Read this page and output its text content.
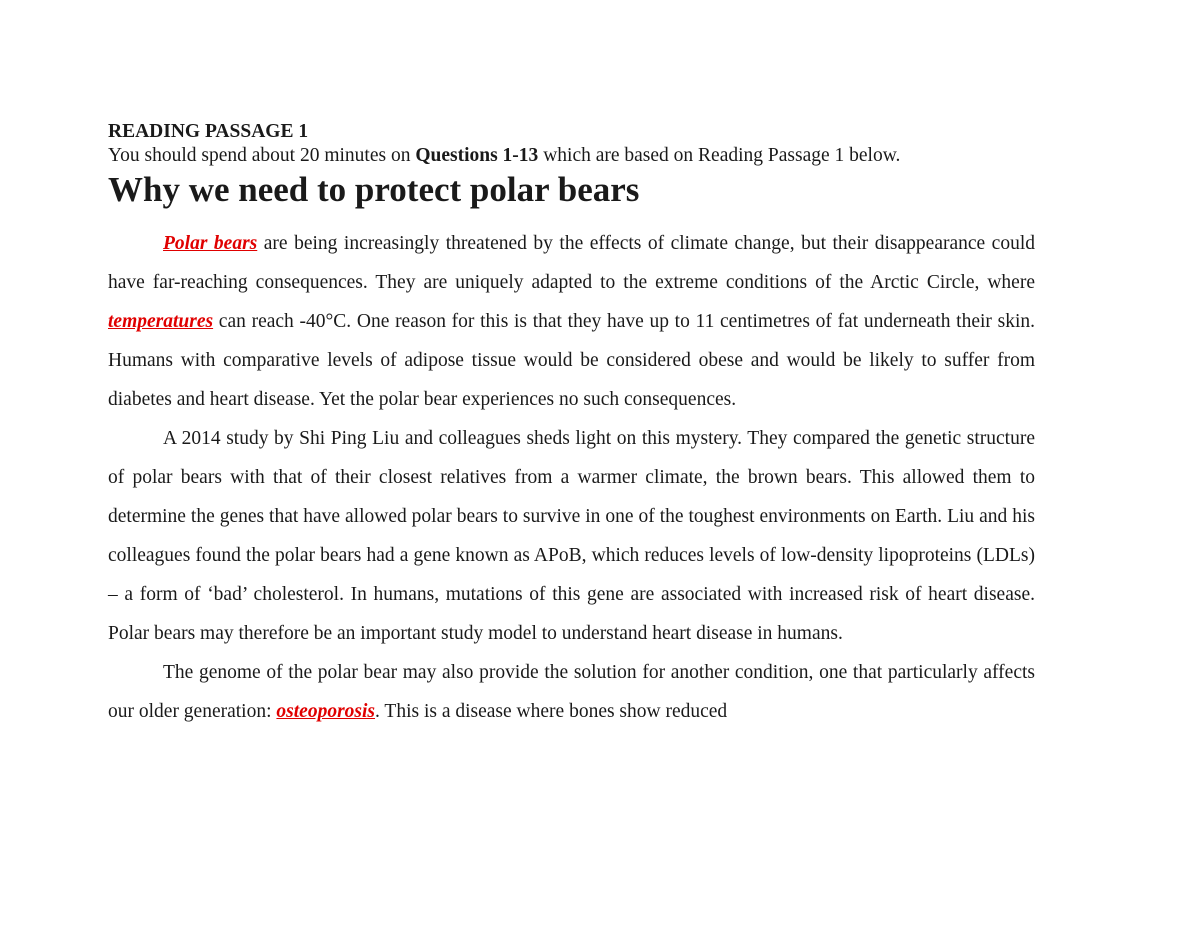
READING PASSAGE 1

You should spend about 20 minutes on Questions 1-13 which are based on Reading Passage 1 below.

Why we need to protect polar bears

Polar bears are being increasingly threatened by the effects of climate change, but their disappearance could have far-reaching consequences. They are uniquely adapted to the extreme conditions of the Arctic Circle, where temperatures can reach -40°C. One reason for this is that they have up to 11 centimetres of fat underneath their skin. Humans with comparative levels of adipose tissue would be considered obese and would be likely to suffer from diabetes and heart disease. Yet the polar bear experiences no such consequences.

A 2014 study by Shi Ping Liu and colleagues sheds light on this mystery. They compared the genetic structure of polar bears with that of their closest relatives from a warmer climate, the brown bears. This allowed them to determine the genes that have allowed polar bears to survive in one of the toughest environments on Earth. Liu and his colleagues found the polar bears had a gene known as APoB, which reduces levels of low-density lipoproteins (LDLs) – a form of ‘bad’ cholesterol. In humans, mutations of this gene are associated with increased risk of heart disease. Polar bears may therefore be an important study model to understand heart disease in humans.

The genome of the polar bear may also provide the solution for another condition, one that particularly affects our older generation: osteoporosis. This is a disease where bones show reduced
